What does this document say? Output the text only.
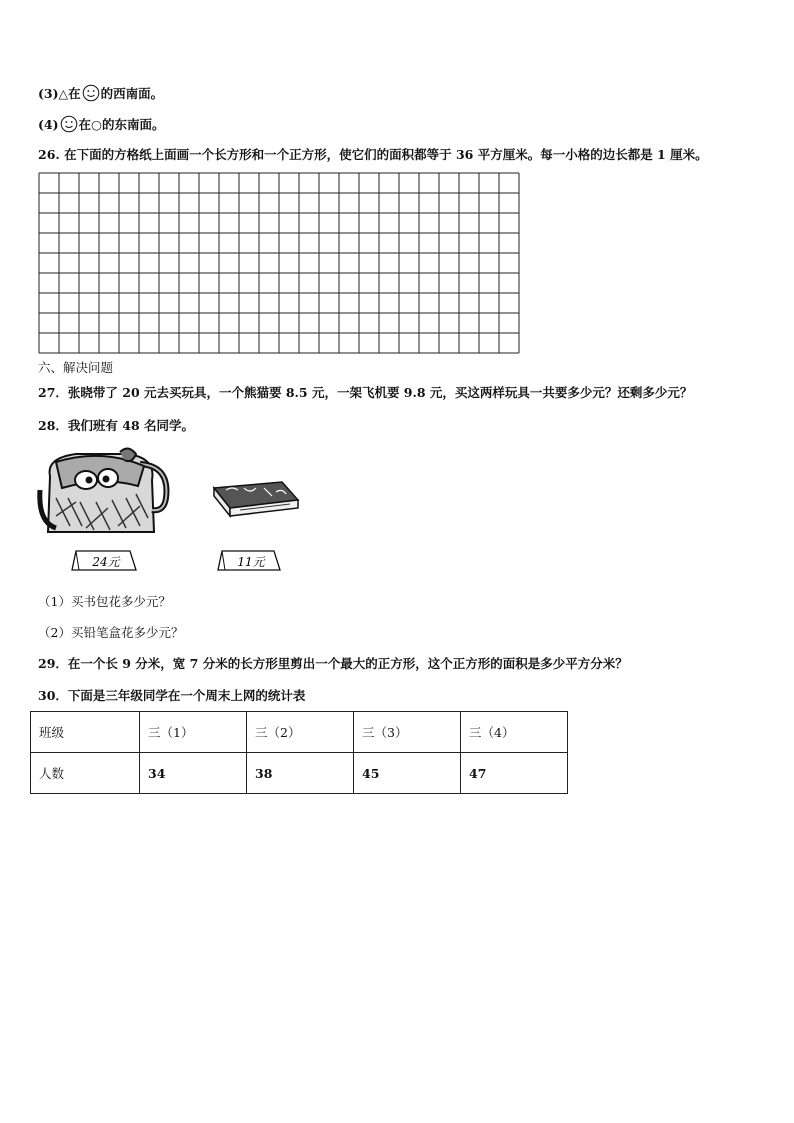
(3)△在 的西南面。
(4) 在○的东南面。
26. 在下面的方格纸上面画一个长方形和一个正方形，使它们的面积都等于 36 平方厘米。每一小格的边长都是 1 厘米。
六、解决问题
27．张晓带了 20 元去买玩具，一个熊猫要 8.5 元，一架飞机要 9.8 元，买这两样玩具一共要多少元？还剩多少元？
28．我们班有 48 名同学。
24元	11元
（1）买书包花多少元？
（2）买铅笔盒花多少元？
29．在一个长 9 分米，宽 7 分米的长方形里剪出一个最大的正方形，这个正方形的面积是多少平方分米？
30．下面是三年级同学在一个周末上网的统计表
班级	三（1）	三（2）	三（3）	三（4）
人数	34	38	45	47
